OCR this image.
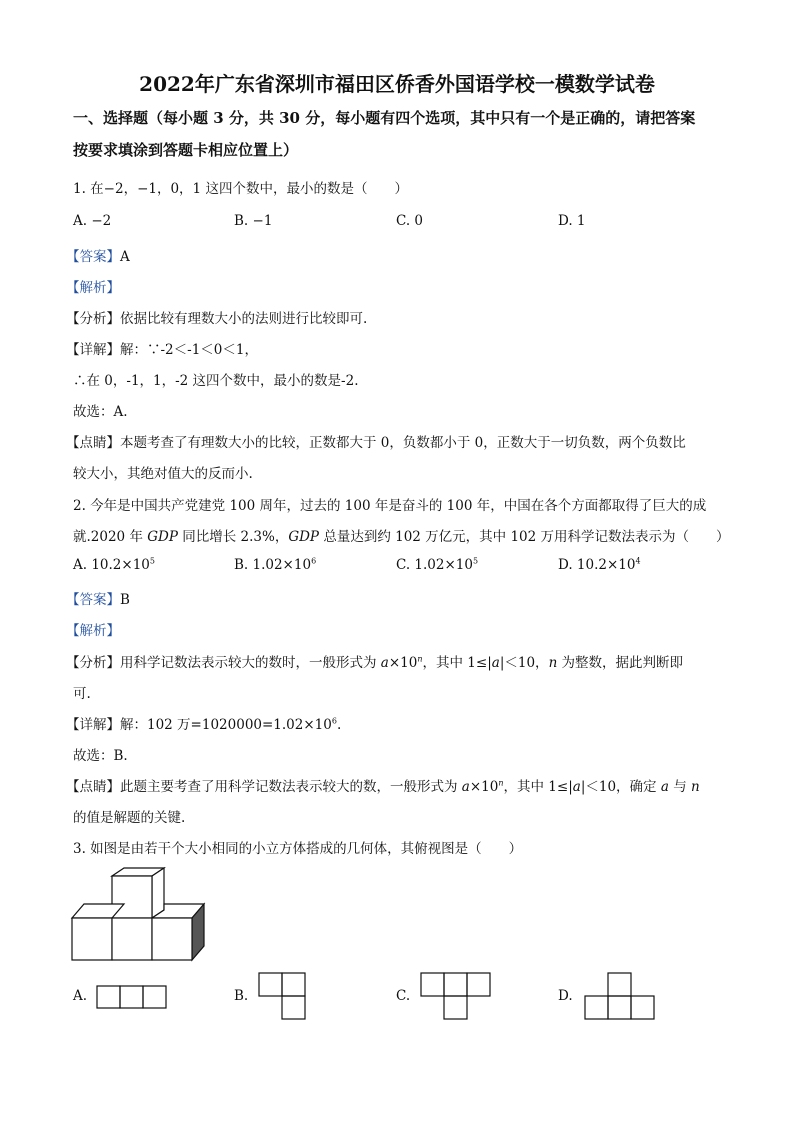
2022年广东省深圳市福田区侨香外国语学校一模数学试卷
一、选择题（每小题 3 分，共 30 分，每小题有四个选项，其中只有一个是正确的，请把答案
按要求填涂到答题卡相应位置上）
1. 在−2，−1，0，1 这四个数中，最小的数是（　　）
A. −2	B. −1	C. 0	D. 1
【答案】A
【解析】
【分析】依据比较有理数大小的法则进行比较即可.
【详解】解：∵-2＜-1＜0＜1，
∴在 0，-1，1，-2 这四个数中，最小的数是-2.
故选：A.
【点睛】本题考查了有理数大小的比较，正数都大于 0，负数都小于 0，正数大于一切负数，两个负数比
较大小，其绝对值大的反而小.
2. 今年是中国共产党建党 100 周年，过去的 100 年是奋斗的 100 年，中国在各个方面都取得了巨大的成
就.2020 年 GDP 同比增长 2.3%，GDP 总量达到约 102 万亿元，其中 102 万用科学记数法表示为（　　）
A. $10.2\times 10^5$	B. $1.02\times 10^6$	C. $1.02\times 10^5$	D. $10.2\times 10^4$
【答案】B
【解析】
【分析】用科学记数法表示较大的数时，一般形式为 $a\times 10^n$，其中 1≤|a|＜10，n 为整数，据此判断即
可.
【详解】解：102 万$=1020000=1.02\times 10^6$.
故选：B.
【点睛】此题主要考查了用科学记数法表示较大的数，一般形式为 $a\times 10^n$，其中 1≤|a|＜10，确定 a 与 n
的值是解题的关键.
3. 如图是由若干个大小相同的小立方体搭成的几何体，其俯视图是（　　）
A.	B.	C.	D.
